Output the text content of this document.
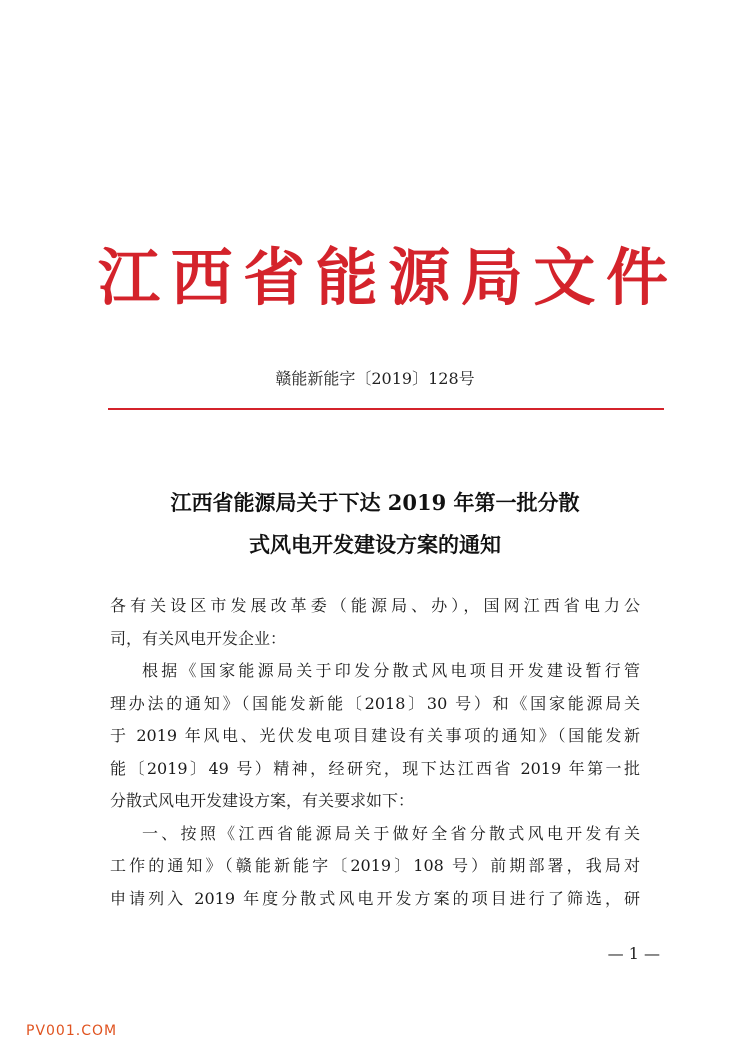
江 西 省 能 源 局 文 件
赣能新能字〔2019〕128号
江西省能源局关于下达 2019 年第一批分散
式风电开发建设方案的通知

各有关设区市发展改革委（能源局、办），国网江西省电力公

司，有关风电开发企业：

根据《国家能源局关于印发分散式风电项目开发建设暂行管

理办法的通知》（国能发新能〔2018〕30 号）和《国家能源局关

于 2019 年风电、光伏发电项目建设有关事项的通知》（国能发新

能〔2019〕49 号）精神，经研究，现下达江西省 2019 年第一批

分散式风电开发建设方案，有关要求如下：

一、按照《江西省能源局关于做好全省分散式风电开发有关

工作的通知》（赣能新能字〔2019〕108 号）前期部署，我局对

申请列入 2019 年度分散式风电开发方案的项目进行了筛选，研

— 1 —
PV001.COM
